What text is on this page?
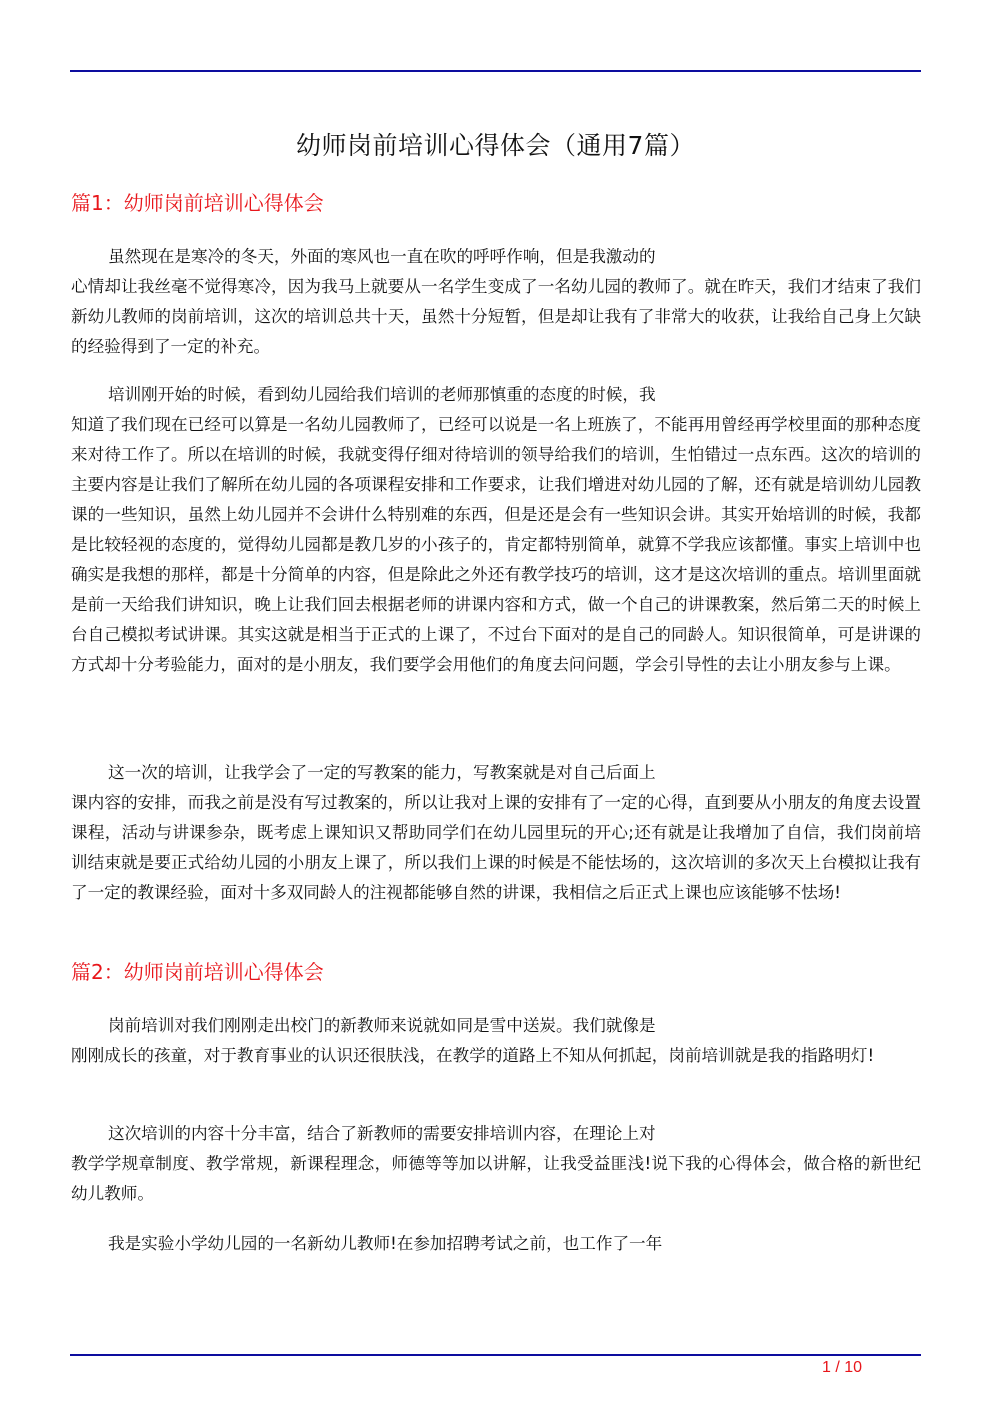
幼师岗前培训心得体会（通用7篇）
篇1：幼师岗前培训心得体会

虽然现在是寒冷的冬天，外面的寒风也一直在吹的呼呼作响，但是我激动的
心情却让我丝毫不觉得寒冷，因为我马上就要从一名学生变成了一名幼儿园的教师了。就在昨天，我们才结束了我们新幼儿教师的岗前培训，这次的培训总共十天，虽然十分短暂，但是却让我有了非常大的收获，让我给自己身上欠缺的经验得到了一定的补充。

培训刚开始的时候，看到幼儿园给我们培训的老师那慎重的态度的时候，我
知道了我们现在已经可以算是一名幼儿园教师了，已经可以说是一名上班族了，不能再用曾经再学校里面的那种态度来对待工作了。所以在培训的时候，我就变得仔细对待培训的领导给我们的培训，生怕错过一点东西。这次的培训的主要内容是让我们了解所在幼儿园的各项课程安排和工作要求，让我们增进对幼儿园的了解，还有就是培训幼儿园教课的一些知识，虽然上幼儿园并不会讲什么特别难的东西，但是还是会有一些知识会讲。其实开始培训的时候，我都是比较轻视的态度的，觉得幼儿园都是教几岁的小孩子的，肯定都特别简单，就算不学我应该都懂。事实上培训中也确实是我想的那样，都是十分简单的内容，但是除此之外还有教学技巧的培训，这才是这次培训的重点。培训里面就是前一天给我们讲知识，晚上让我们回去根据老师的讲课内容和方式，做一个自己的讲课教案，然后第二天的时候上台自己模拟考试讲课。其实这就是相当于正式的上课了，不过台下面对的是自己的同龄人。知识很简单，可是讲课的方式却十分考验能力，面对的是小朋友，我们要学会用他们的角度去问问题，学会引导性的去让小朋友参与上课。

这一次的培训，让我学会了一定的写教案的能力，写教案就是对自己后面上
课内容的安排，而我之前是没有写过教案的，所以让我对上课的安排有了一定的心得，直到要从小朋友的角度去设置课程，活动与讲课参杂，既考虑上课知识又帮助同学们在幼儿园里玩的开心;还有就是让我增加了自信，我们岗前培训结束就是要正式给幼儿园的小朋友上课了，所以我们上课的时候是不能怯场的，这次培训的多次天上台模拟让我有了一定的教课经验，面对十多双同龄人的注视都能够自然的讲课，我相信之后正式上课也应该能够不怯场!

篇2：幼师岗前培训心得体会

岗前培训对我们刚刚走出校门的新教师来说就如同是雪中送炭。我们就像是
刚刚成长的孩童，对于教育事业的认识还很肤浅，在教学的道路上不知从何抓起，岗前培训就是我的指路明灯!

这次培训的内容十分丰富，结合了新教师的需要安排培训内容，在理论上对
教学学规章制度、教学常规，新课程理念，师德等等加以讲解，让我受益匪浅!说下我的心得体会，做合格的新世纪幼儿教师。

我是实验小学幼儿园的一名新幼儿教师!在参加招聘考试之前，也工作了一年

1 / 10
